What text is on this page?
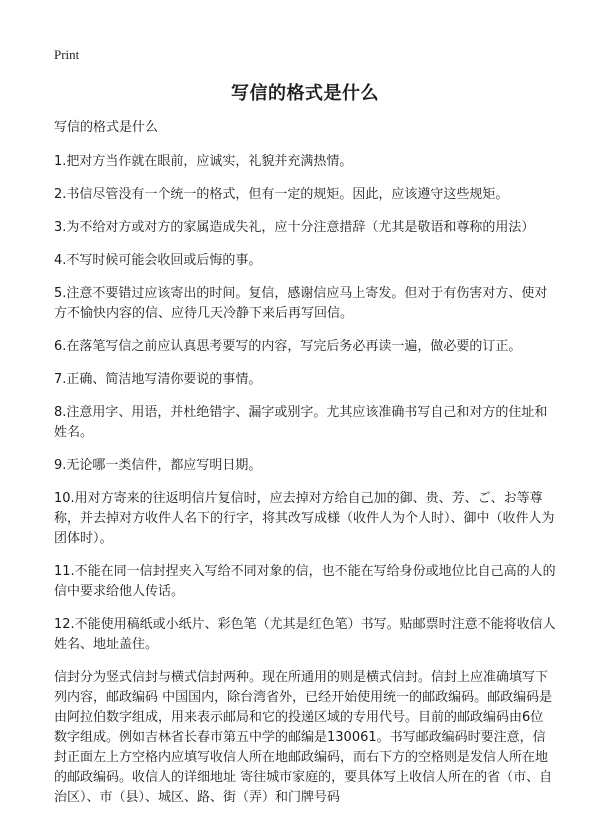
Print
写信的格式是什么
写信的格式是什么
1.把对方当作就在眼前，应诚实，礼貌并充满热情。
2.书信尽管没有一个统一的格式，但有一定的规矩。因此，应该遵守这些规矩。
3.为不给对方或对方的家属造成失礼，应十分注意措辞（尤其是敬语和尊称的用法）
4.不写时候可能会收回或后悔的事。
5.注意不要错过应该寄出的时间。复信，感谢信应马上寄发。但对于有伤害对方、使对方不愉快内容的信、应待几天冷静下来后再写回信。
6.在落笔写信之前应认真思考要写的内容，写完后务必再读一遍，做必要的订正。
7.正确、简洁地写清你要说的事情。
8.注意用字、用语，并杜绝错字、漏字或别字。尤其应该准确书写自己和对方的住址和姓名。
9.无论哪一类信件，都应写明日期。
10.用对方寄来的往返明信片复信时，应去掉对方给自己加的御、贵、芳、ご、お等尊称，并去掉对方收件人名下的行字，将其改写成様（收件人为个人时）、御中（收件人为团体时）。
11.不能在同一信封捏夹入写给不同对象的信，也不能在写给身份或地位比自己高的人的信中要求给他人传话。
12.不能使用稿纸或小纸片、彩色笔（尤其是红色笔）书写。贴邮票时注意不能将收信人姓名、地址盖住。
信封分为竖式信封与横式信封两种。现在所通用的则是横式信封。信封上应准确填写下列内容，邮政编码 中国国内，除台湾省外，已经开始使用统一的邮政编码。邮政编码是由阿拉伯数字组成，用来表示邮局和它的投递区域的专用代号。目前的邮政编码由6位数字组成。例如吉林省长春市第五中学的邮编是130061。书写邮政编码时要注意，信封正面左上方空格内应填写收信人所在地邮政编码，而右下方的空格则是发信人所在地的邮政编码。收信人的详细地址 寄往城市家庭的，要具体写上收信人所在的省（市、自治区）、市（县）、城区、路、街（弄）和门牌号码
